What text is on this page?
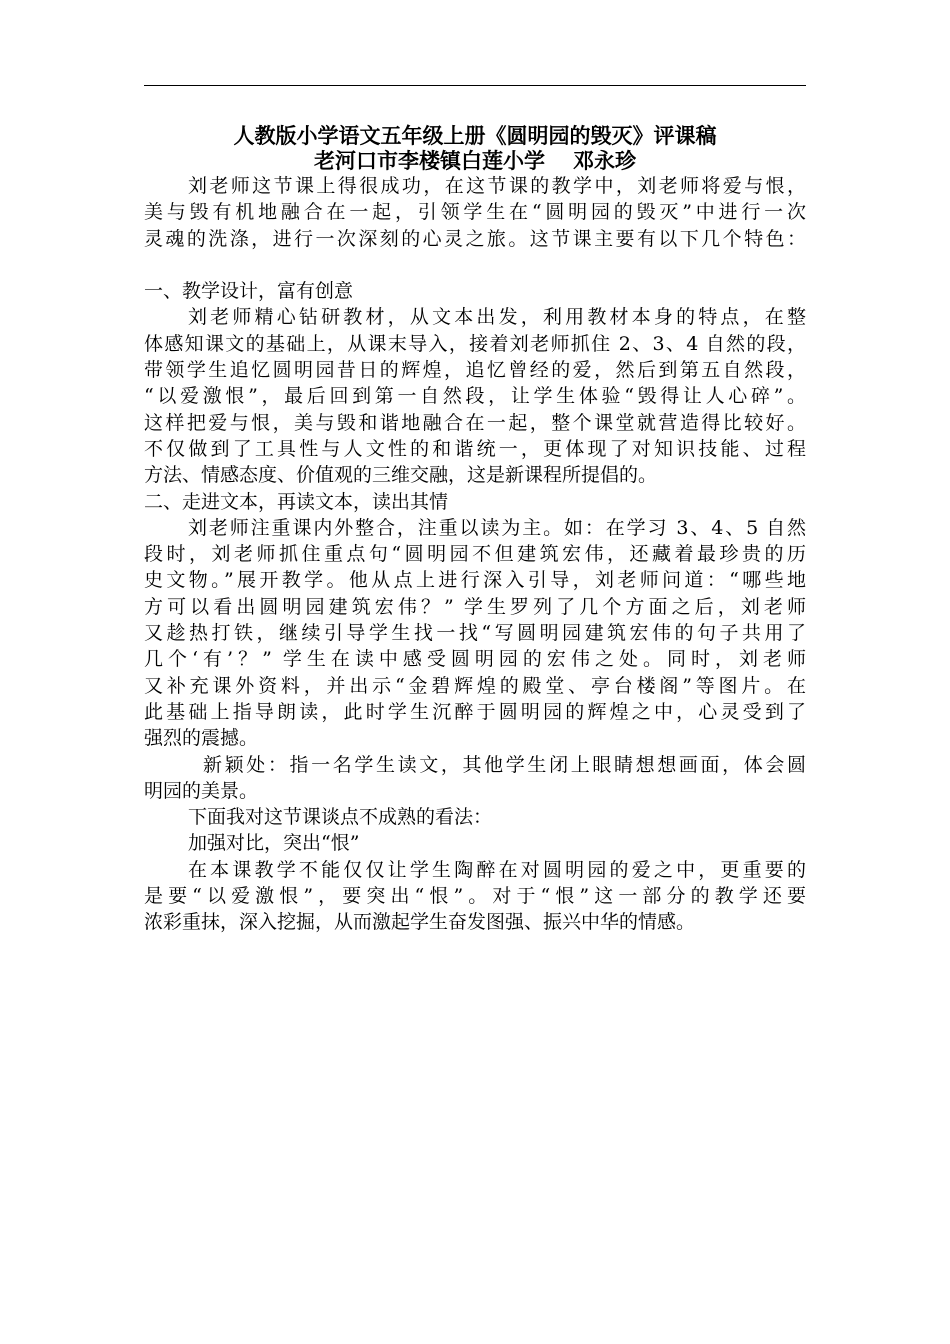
人教版小学语文五年级上册《圆明园的毁灭》评课稿
老河口市李楼镇白莲小学 邓永珍
刘老师这节课上得很成功，在这节课的教学中，刘老师将爱与恨，
美与毁有机地融合在一起，引领学生在“圆明园的毁灭”中进行一次
灵魂的洗涤，进行一次深刻的心灵之旅。这节课主要有以下几个特色：
一、教学设计，富有创意
刘老师精心钻研教材，从文本出发，利用教材本身的特点，在整
体感知课文的基础上，从课末导入，接着刘老师抓住 2、3、4 自然的段，
带领学生追忆圆明园昔日的辉煌，追忆曾经的爱，然后到第五自然段，
“以爱激恨”，最后回到第一自然段，让学生体验“毁得让人心碎”。
这样把爱与恨，美与毁和谐地融合在一起，整个课堂就营造得比较好。
不仅做到了工具性与人文性的和谐统一，更体现了对知识技能、过程
方法、情感态度、价值观的三维交融，这是新课程所提倡的。
二、走进文本，再读文本，读出其情
刘老师注重课内外整合，注重以读为主。如：在学习 3、4、5 自然
段时，刘老师抓住重点句“圆明园不但建筑宏伟，还藏着最珍贵的历
史文物。”展开教学。他从点上进行深入引导，刘老师问道：“哪些地
方可以看出圆明园建筑宏伟？” 学生罗列了几个方面之后，刘老师
又趁热打铁，继续引导学生找一找“写圆明园建筑宏伟的句子共用了
几个‘有’？” 学生在读中感受圆明园的宏伟之处。同时，刘老师
又补充课外资料，并出示“金碧辉煌的殿堂、亭台楼阁”等图片。在
此基础上指导朗读，此时学生沉醉于圆明园的辉煌之中，心灵受到了
强烈的震撼。
新颖处：指一名学生读文，其他学生闭上眼睛想想画面，体会圆
明园的美景。
下面我对这节课谈点不成熟的看法：
加强对比，突出“恨”
在本课教学不能仅仅让学生陶醉在对圆明园的爱之中，更重要的
是要“以爱激恨”，要突出“恨”。对于“恨”这一部分的教学还要
浓彩重抹，深入挖掘，从而激起学生奋发图强、振兴中华的情感。
